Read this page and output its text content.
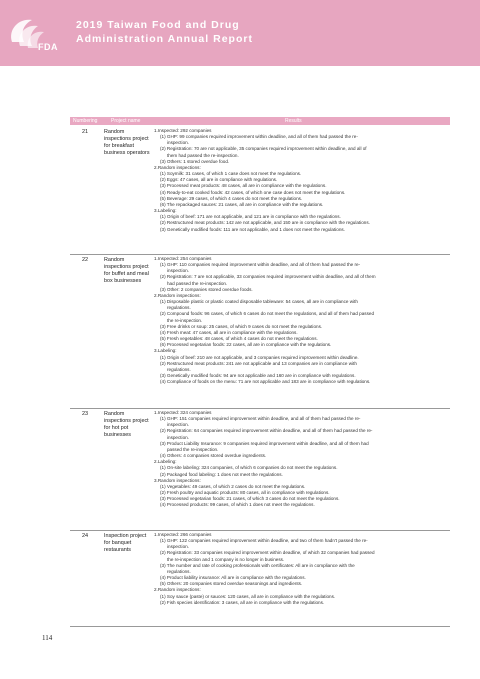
FDA
2019 Taiwan Food and Drug
Administration Annual Report
Numbering	Project name	Results
21	Random inspections project for breakfast business operators
1.Inspected: 292 companies
(1) GHP: 99 companies required improvement within deadline, and all of them had passed the re-
inspection.
(2) Registration: 70 are not applicable, 35 companies required improvement within deadline, and all of
them had passed the re-inspection.
(3) Others: 1 stored overdue food.
2.Random inspections:
(1) Soymilk: 31 cases, of which 1 case does not meet the regulations.
(2) Eggs: 47 cases, all are in compliance with regulations.
(3) Processed meat products: 48 cases, all are in compliance with the regulations.
(4) Ready-to-eat cooked foods: 42 cases, of which one case does not meet the regulations.
(5) Beverage: 29 cases, of which 4 cases do not meet the regulations.
(6) The repackaged sauces: 21 cases, all are in compliance with the regulations.
3.Labeling:
(1) Origin of beef: 171 are not applicable, and 121 are in compliance with the regulations.
(2) Restructured meat products: 142 are not applicable, and 150 are in compliance with the regulations.
(3) Genetically modified foods: 111 are not applicable, and 1 does not meet the regulations.
22	Random inspections project for buffet and meal box businesses
1.Inspected: 254 companies
(1) GHP: 110 companies required improvement within deadline, and all of them had passed the re-
inspection.
(2) Registration: 7 are not applicable, 33 companies required improvement within deadline, and all of them
had passed the re-inspection.
(3) Other: 2 companies stored overdue foods.
2.Random inspections:
(1) Disposable plastic or plastic coated disposable tableware: 54 cases, all are in compliance with
regulations.
(2) Compound foods: 96 cases, of which 6 cases do not meet the regulations, and all of them had passed
the re-inspection.
(3) Free drinks or soup: 25 cases, of which 9 cases do not meet the regulations.
(4) Fresh meat: 47 cases, all are in compliance with the regulations.
(5) Fresh vegetables: 48 cases, of which 4 cases do not meet the regulations.
(6) Processed vegetarian foods: 22 cases, all are in compliance with the regulations.
3.Labeling:
(1) Origin of beef: 210 are not applicable, and 3 companies required improvement within deadline.
(2) Restructured meat products: 241 are not applicable and 13 companies are in compliance with
regulations.
(3) Genetically modified foods: 94 are not applicable and 160 are in compliance with regulations.
(4) Compliance of foods on the menu: 71 are not applicable and 183 are in compliance with regulations.
23	Random inspections project for hot pot businesses
1.Inspected: 324 companies
(1) GHP: 151 companies required improvement within deadline, and all of them had passed the re-
inspection.
(2) Registration: 64 companies required improvement within deadline, and all of them had passed the re-
inspection.
(3) Product Liability Insurance: 9 companies required improvement within deadline, and all of them had
passed the re-inspection.
(4) Others: 4 companies stored overdue ingredients.
2.Labeling:
(1) On-site labeling: 324 companies, of which 6 companies do not meet the regulations.
(2) Packaged food labeling: 1 does not meet the regulations.
3.Random inspections:
(1) Vegetables: 49 cases, of which 2 cases do not meet the regulations.
(2) Fresh poultry and aquatic products: 80 cases, all in compliance with regulations.
(3) Processed vegetarian foods: 21 cases, of which 3 cases do not meet the regulations.
(4) Processed products: 99 cases, of which 1 does not meet the regulations.
24	Inspection project for banquet restaurants
1.Inspected: 266 companies
(1) GHP: 122 companies required improvement within deadline, and two of them hadn't passed the re-
inspection.
(2) Registration: 33 companies required improvement within deadline, of which 32 companies had passed
the re-inspection and 1 company is no longer in business.
(3) The number and rate of cooking professionals with certificates: All are in compliance with the
regulations.
(4) Product liability insurance: All are in compliance with the regulations.
(5) Others: 20 companies stored overdue seasonings and ingredients.
2.Random inspections:
(1) Soy sauce (paste) or sauces: 120 cases, all are in compliance with the regulations.
(2) Fish species identification: 3 cases, all are in compliance with the regulations.
114
